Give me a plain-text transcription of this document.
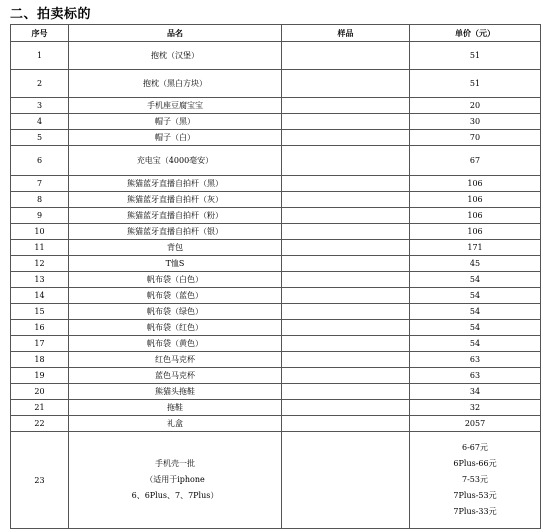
二、拍卖标的
序号	品名	样品	单价（元）
1	抱枕（汉堡）		51
2	抱枕（黑白方块）		51
3	手机座豆腐宝宝		20
4	帽子（黑）		30
5	帽子（白）		70
6	充电宝（4000毫安）		67
7	熊猫蓝牙直播自拍杆（黑）		106
8	熊猫蓝牙直播自拍杆（灰）		106
9	熊猫蓝牙直播自拍杆（粉）		106
10	熊猫蓝牙直播自拍杆（银）		106
11	背包		171
12	T恤S		45
13	帆布袋（白色）		54
14	帆布袋（蓝色）		54
15	帆布袋（绿色）		54
16	帆布袋（红色）		54
17	帆布袋（黄色）		54
18	红色马克杯		63
19	蓝色马克杯		63
20	熊猫头拖鞋		34
21	拖鞋		32
22	礼盒		2057
23	手机壳一批
（适用于iphone
6、6Plus、7、7Plus）		6-67元
6Plus-66元
7-53元
7Plus-53元
7Plus-33元
